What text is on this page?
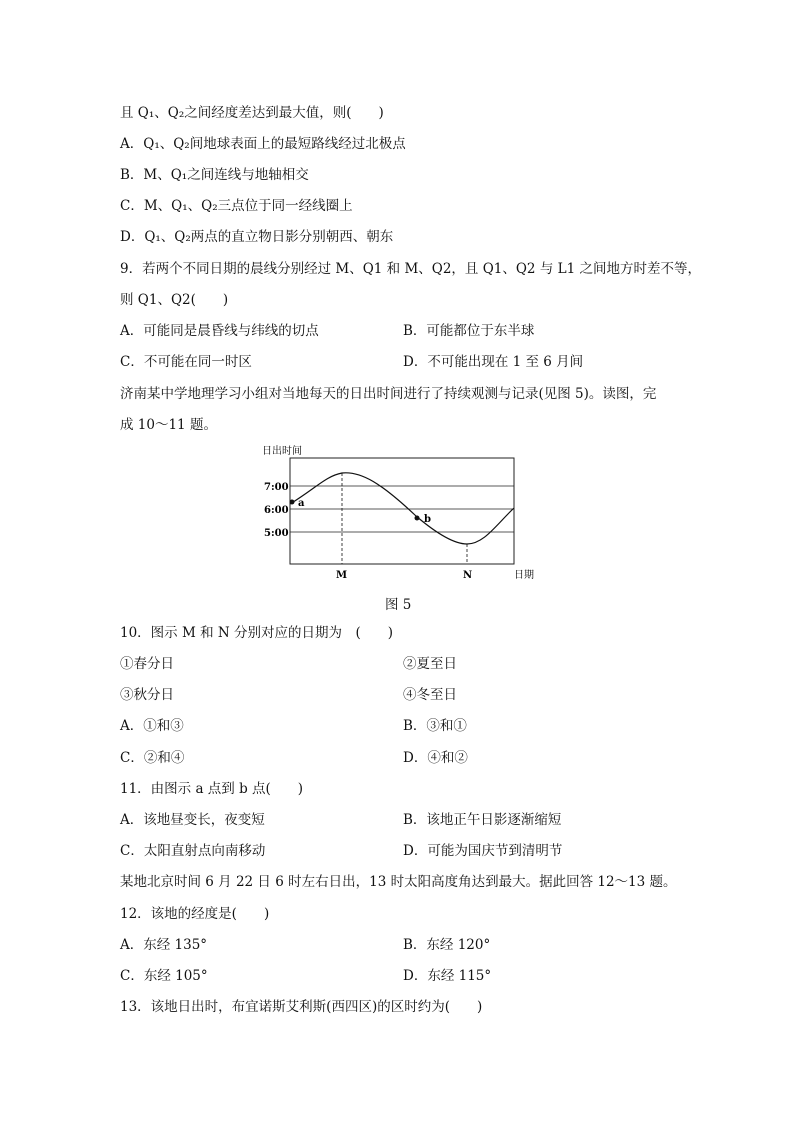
且 Q₁、Q₂之间经度差达到最大值，则(　　)
A．Q₁、Q₂间地球表面上的最短路线经过北极点
B．M、Q₁之间连线与地轴相交
C．M、Q₁、Q₂三点位于同一经线圈上
D．Q₁、Q₂两点的直立物日影分别朝西、朝东
9．若两个不同日期的晨线分别经过 M、Q1 和 M、Q2，且 Q1、Q2 与 L1 之间地方时差不等，
则 Q1、Q2(　　)
A．可能同是晨昏线与纬线的切点	B．可能都位于东半球
C．不可能在同一时区	D．不可能出现在 1 至 6 月间
济南某中学地理学习小组对当地每天的日出时间进行了持续观测与记录(见图 5)。读图，完
成 10～11 题。
日出时间
7:00
6:00
5:00
a
b
M	N	日期
图 5
10．图示 M 和 N 分别对应的日期为　(　　)
①春分日	②夏至日
③秋分日	④冬至日
A．①和③	B．③和①
C．②和④	D．④和②
11．由图示 a 点到 b 点(　　)
A．该地昼变长，夜变短	B．该地正午日影逐渐缩短
C．太阳直射点向南移动	D．可能为国庆节到清明节
某地北京时间 6 月 22 日 6 时左右日出，13 时太阳高度角达到最大。据此回答 12～13 题。
12．该地的经度是(　　)
A．东经 135°	B．东经 120°
C．东经 105°	D．东经 115°
13．该地日出时，布宜诺斯艾利斯(西四区)的区时约为(　　)
